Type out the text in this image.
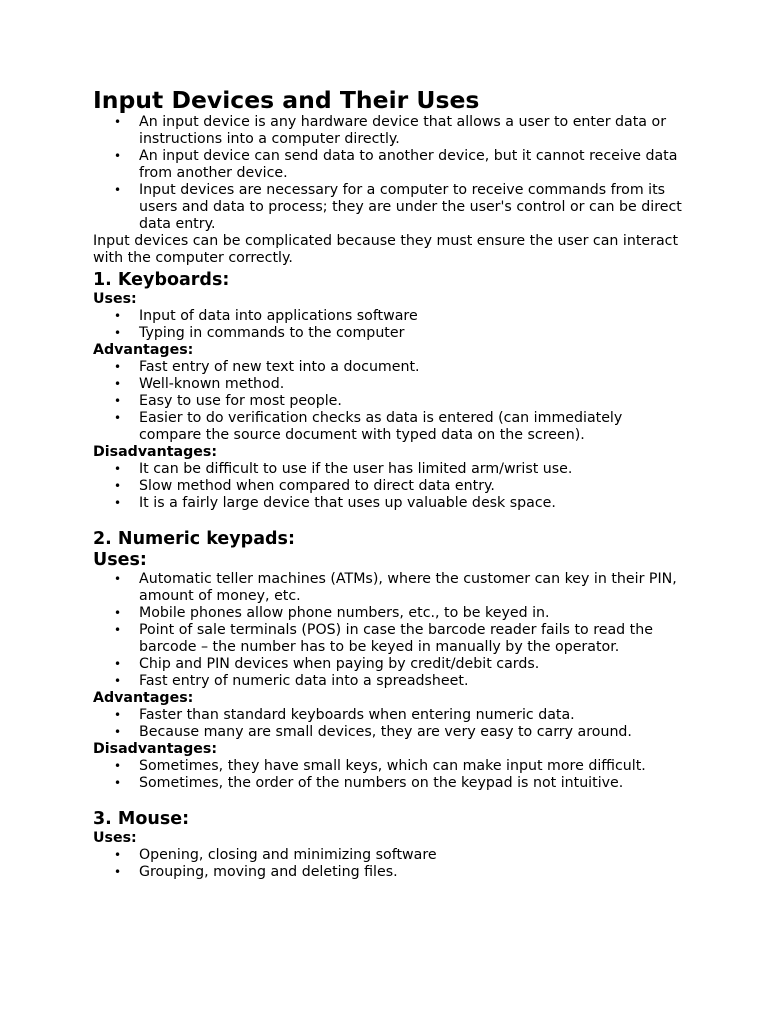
Input Devices and Their Uses
• An input device is any hardware device that allows a user to enter data or instructions into a computer directly.
• An input device can send data to another device, but it cannot receive data from another device.
• Input devices are necessary for a computer to receive commands from its users and data to process; they are under the user's control or can be direct data entry.

Input devices can be complicated because they must ensure the user can interact with the computer correctly.

1. Keyboards:
Uses:
• Input of data into applications software
• Typing in commands to the computer
Advantages:
• Fast entry of new text into a document.
• Well-known method.
• Easy to use for most people.
• Easier to do verification checks as data is entered (can immediately compare the source document with typed data on the screen).
Disadvantages:
• It can be difficult to use if the user has limited arm/wrist use.
• Slow method when compared to direct data entry.
• It is a fairly large device that uses up valuable desk space.
2. Numeric keypads:
Uses:
• Automatic teller machines (ATMs), where the customer can key in their PIN, amount of money, etc.
• Mobile phones allow phone numbers, etc., to be keyed in.
• Point of sale terminals (POS) in case the barcode reader fails to read the barcode – the number has to be keyed in manually by the operator.
• Chip and PIN devices when paying by credit/debit cards.
• Fast entry of numeric data into a spreadsheet.
Advantages:
• Faster than standard keyboards when entering numeric data.
• Because many are small devices, they are very easy to carry around.
Disadvantages:
• Sometimes, they have small keys, which can make input more difficult.
• Sometimes, the order of the numbers on the keypad is not intuitive.
3. Mouse:
Uses:
• Opening, closing and minimizing software
• Grouping, moving and deleting files.
